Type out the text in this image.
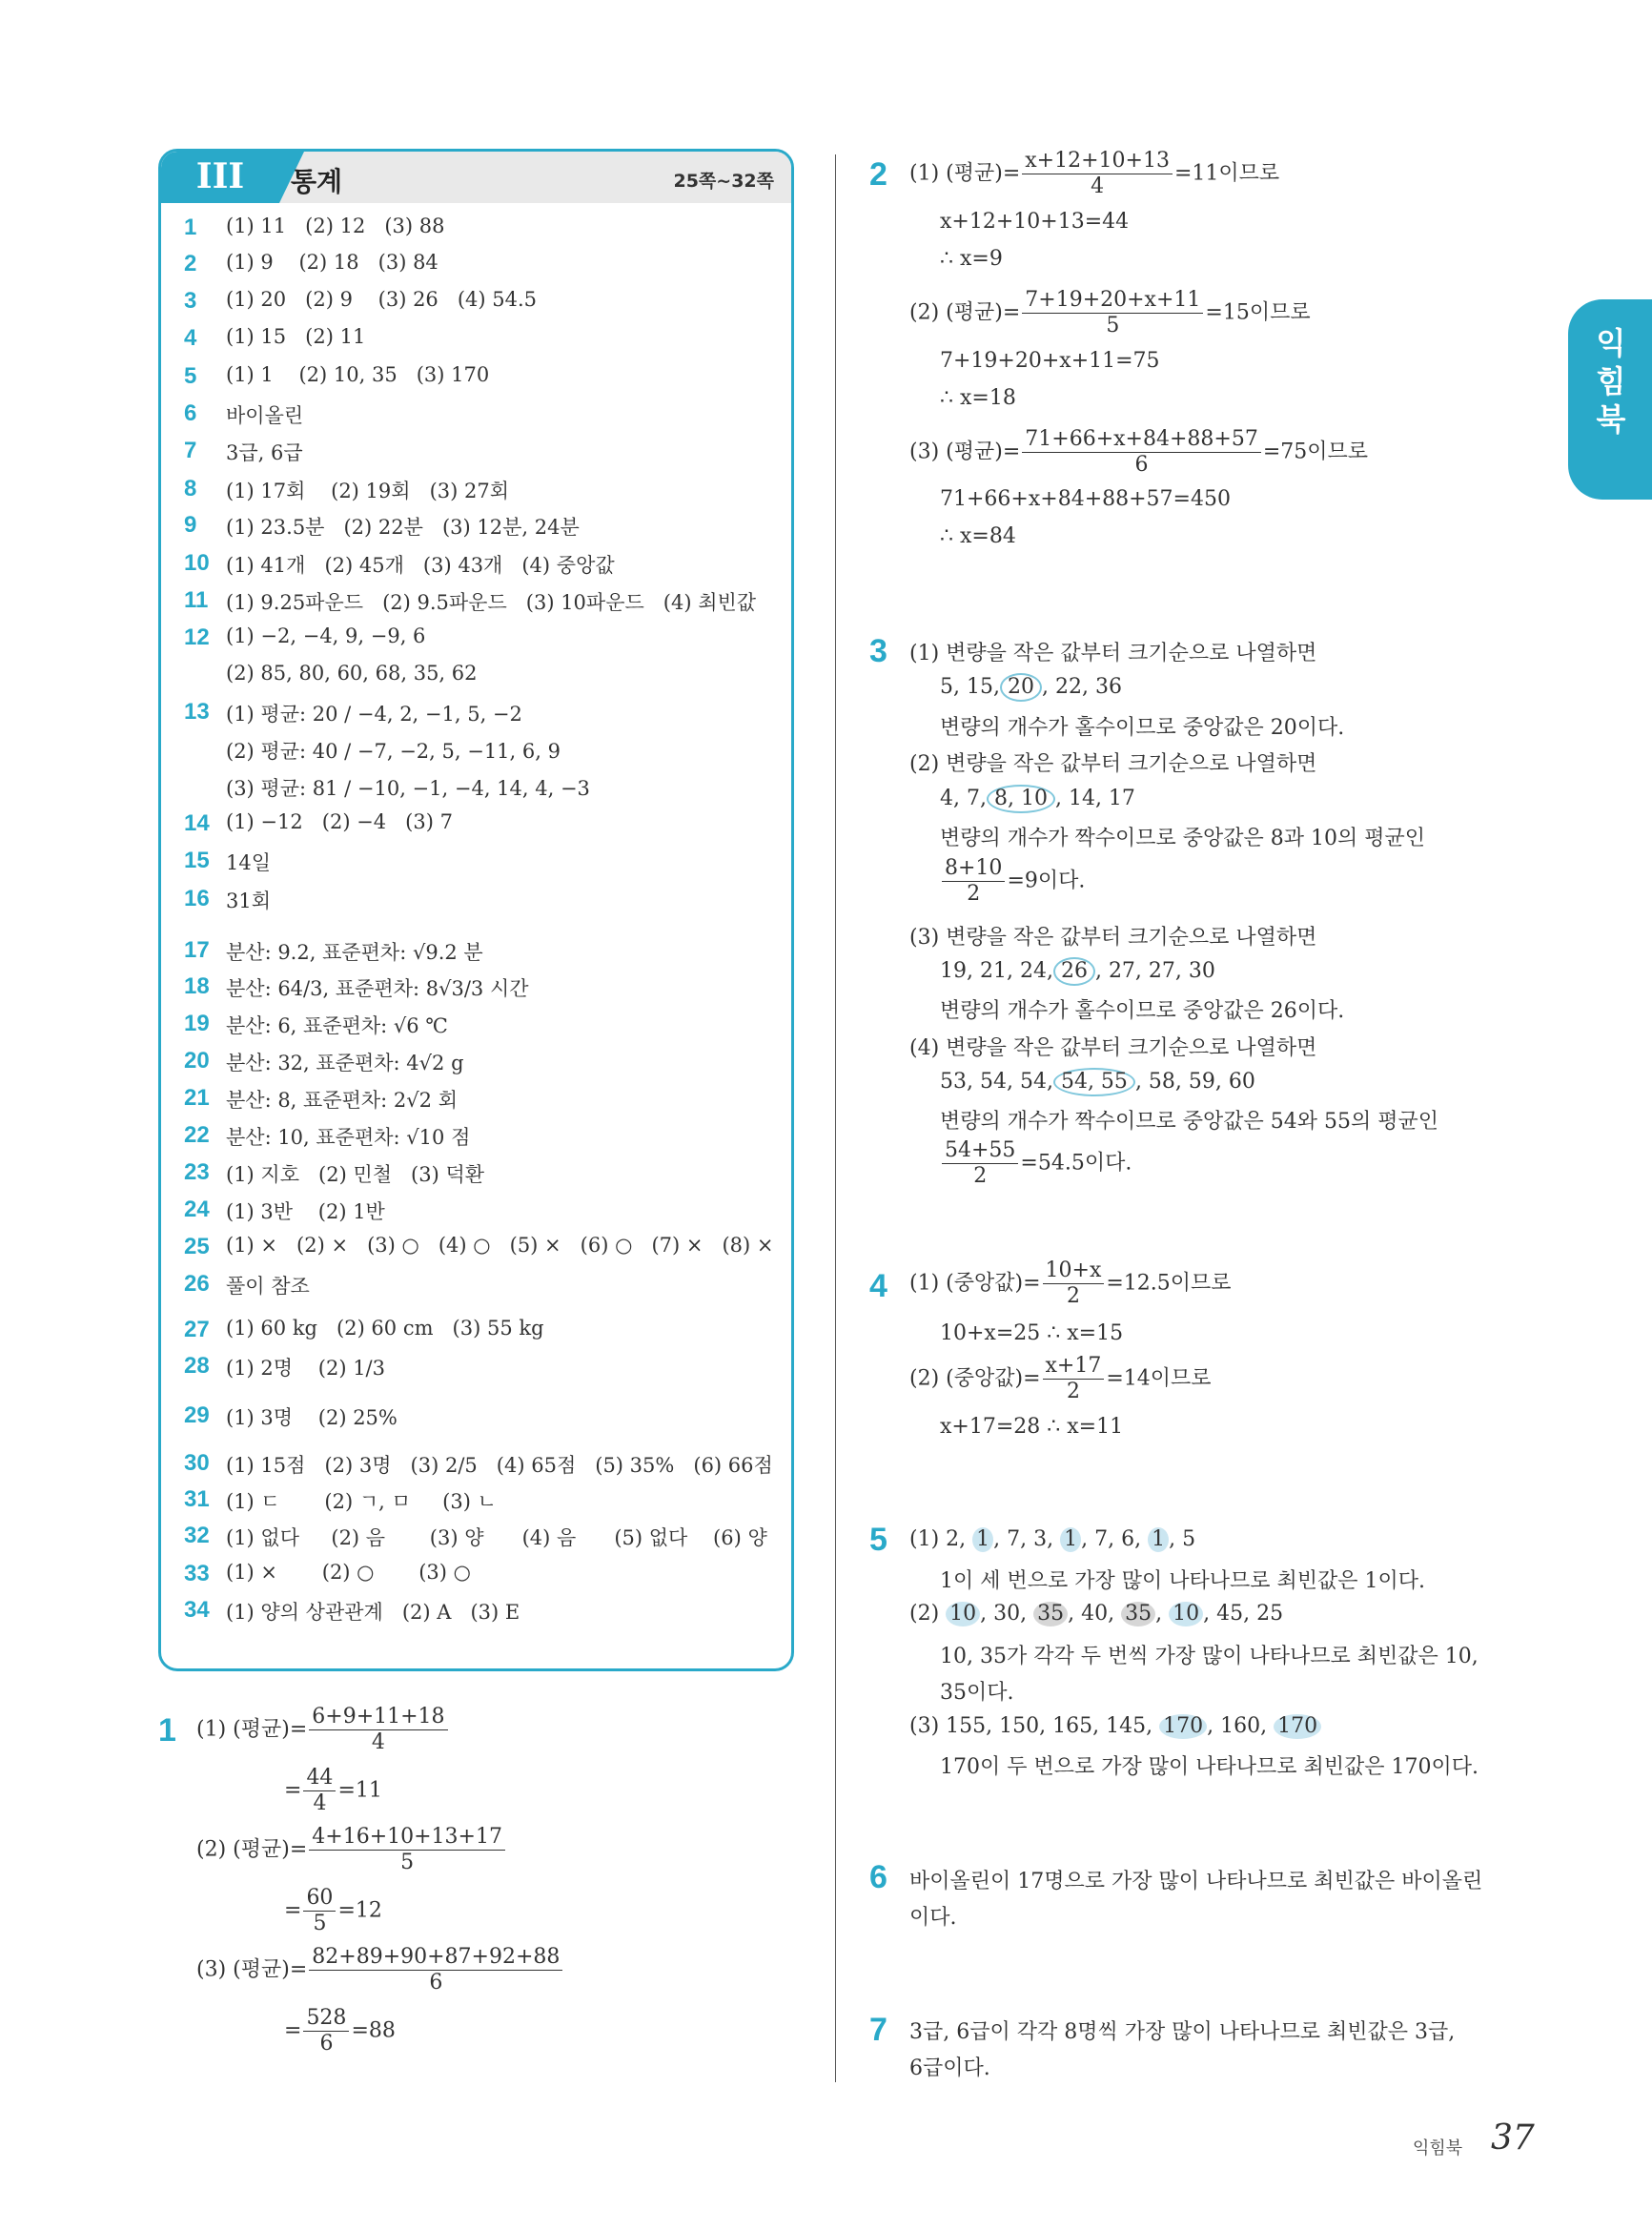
III	통계	25쪽~32쪽
1 (1) 11   (2) 12   (3) 88
2 (1) 9    (2) 18   (3) 84
3 (1) 20   (2) 9    (3) 26   (4) 54.5
4 (1) 15   (2) 11
5 (1) 1    (2) 10, 35   (3) 170
6 바이올린
7 3급, 6급
8 (1) 17회    (2) 19회   (3) 27회
9 (1) 23.5분   (2) 22분   (3) 12분, 24분
10 (1) 41개   (2) 45개   (3) 43개   (4) 중앙값
11 (1) 9.25파운드   (2) 9.5파운드   (3) 10파운드   (4) 최빈값
12 (1) −2, −4, 9, −9, 6
(2) 85, 80, 60, 68, 35, 62
13 (1) 평균: 20 / −4, 2, −1, 5, −2
(2) 평균: 40 / −7, −2, 5, −11, 6, 9
(3) 평균: 81 / −10, −1, −4, 14, 4, −3
14 (1) −12   (2) −4   (3) 7
15 14일
16 31회
17 분산: 9.2, 표준편차: √9.2 분
18 분산: 64/3, 표준편차: 8√3/3 시간
19 분산: 6, 표준편차: √6 ℃
20 분산: 32, 표준편차: 4√2 g
21 분산: 8, 표준편차: 2√2 회
22 분산: 10, 표준편차: √10 점
23 (1) 지호   (2) 민철   (3) 덕환
24 (1) 3반    (2) 1반
25 (1) ×   (2) ×   (3) ○   (4) ○   (5) ×   (6) ○   (7) ×   (8) ×
26 풀이 참조
27 (1) 60 kg   (2) 60 cm   (3) 55 kg
28 (1) 2명    (2) 1/3
29 (1) 3명    (2) 25%
30 (1) 15점   (2) 3명   (3) 2/5   (4) 65점   (5) 35%   (6) 66점
31 (1) ㄷ       (2) ㄱ, ㅁ     (3) ㄴ
32 (1) 없다     (2) 음       (3) 양      (4) 음      (5) 없다    (6) 양
33 (1) ×       (2) ○       (3) ○
34 (1) 양의 상관관계   (2) A   (3) E
1 (1) (평균)= $\frac{6+9+11+18}{4}$
= $\frac{44}{4} =11$
(2) (평균)= $\frac{4+16+10+13+17}{5}$
= $\frac{60}{5} =12$
(3) (평균)= $\frac{82+89+90+87+92+88}{6}$
= $\frac{528}{6} =88$
2 (1) (평균)= $\frac{x+12+10+13}{4} =11$이므로
x+12+10+13=44
∴ x=9
(2) (평균)= $\frac{7+19+20+x+11}{5} =15$이므로
7+19+20+x+11=75
∴ x=18
(3) (평균)= $\frac{71+66+x+84+88+57}{6} =75$이므로
71+66+x+84+88+57=450
∴ x=84
3 (1) 변량을 작은 값부터 크기순으로 나열하면
5, 15, 20 , 22, 36
변량의 개수가 홀수이므로 중앙값은 20이다.
(2) 변량을 작은 값부터 크기순으로 나열하면
4, 7, 8, 10 , 14, 17
변량의 개수가 짝수이므로 중앙값은 8과 10의 평균인
$\frac{8+10}{2} =9$이다.
(3) 변량을 작은 값부터 크기순으로 나열하면
19, 21, 24, 26 , 27, 27, 30
변량의 개수가 홀수이므로 중앙값은 26이다.
(4) 변량을 작은 값부터 크기순으로 나열하면
53, 54, 54, 54, 55 , 58, 59, 60
변량의 개수가 짝수이므로 중앙값은 54와 55의 평균인
$\frac{54+55}{2} =54.5$이다.
4 (1) (중앙값)= $\frac{10+x}{2} =12.5$이므로
10+x=25 ∴ x=15
(2) (중앙값)= $\frac{x+17}{2} =14$이므로
x+17=28 ∴ x=11
5 (1) 2, 1 , 7, 3, 1 , 7, 6, 1 , 5
1이 세 번으로 가장 많이 나타나므로 최빈값은 1이다.
(2) 10 , 30, 35 , 40, 35 , 10 , 45, 25
10, 35가 각각 두 번씩 가장 많이 나타나므로 최빈값은 10,
35이다.
(3) 155, 150, 165, 145, 170 , 160, 170
170이 두 번으로 가장 많이 나타나므로 최빈값은 170이다.
6 바이올린이 17명으로 가장 많이 나타나므로 최빈값은 바이올린
이다.
7 3급, 6급이 각각 8명씩 가장 많이 나타나므로 최빈값은 3급,
6급이다.
익
힘
북
익힘북 37
